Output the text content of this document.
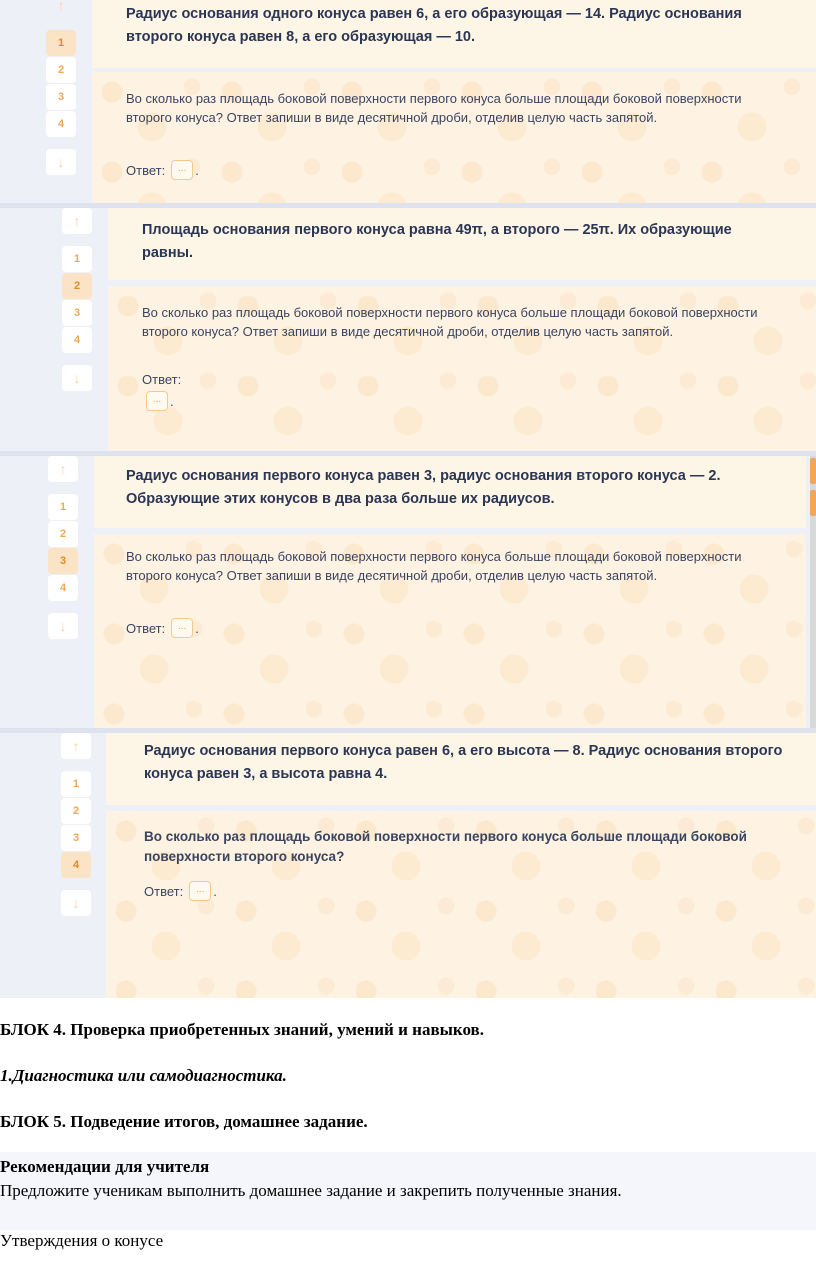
↑
1
2
3
4
↓
Радиус основания одного конуса равен 6, а его образующая — 14. Радиус основания второго конуса равен 8, а его образующая — 10.
Во сколько раз площадь боковой поверхности первого конуса больше площади боковой поверхности второго конуса? Ответ запиши в виде десятичной дроби, отделив целую часть запятой.
Ответ:	... .
↑
1
2
3
4
↓
Площадь основания первого конуса равна 49π, а второго — 25π. Их образующие равны.
Во сколько раз площадь боковой поверхности первого конуса больше площади боковой поверхности второго конуса? Ответ запиши в виде десятичной дроби, отделив целую часть запятой.
Ответ:
... .
↑
1
2
3
4
↓
Радиус основания первого конуса равен 3, радиус основания второго конуса — 2. Образующие этих конусов в два раза больше их радиусов.
Во сколько раз площадь боковой поверхности первого конуса больше площади боковой поверхности второго конуса? Ответ запиши в виде десятичной дроби, отделив целую часть запятой.
Ответ:	... .
↑
1
2
3
4
↓
Радиус основания первого конуса равен 6, а его высота — 8. Радиус основания второго конуса равен 3, а высота равна 4.
Во сколько раз площадь боковой поверхности первого конуса больше площади боковой поверхности второго конуса?
Ответ:	... .
БЛОК 4. Проверка приобретенных знаний, умений и навыков.
1.Диагностика или самодиагностика.
БЛОК 5. Подведение итогов, домашнее задание.
Рекомендации для учителя
Предложите ученикам выполнить домашнее задание и закрепить полученные знания.
Утверждения о конусе
